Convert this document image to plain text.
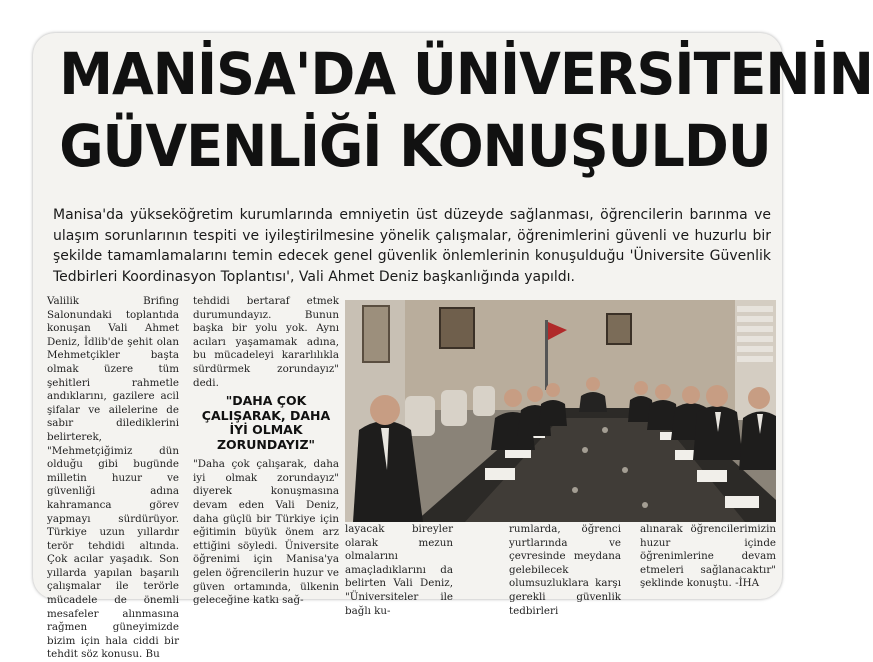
MANİSA'DA ÜNİVERSİTENİN
GÜVENLİĞİ KONUŞULDU
Manisa'da yükseköğretim kurumlarında emniyetin üst düzeyde sağlanması, öğrencilerin barınma ve ulaşım sorunlarının tespiti ve iyileştirilmesine yönelik çalışmalar, öğrenimlerini güvenli ve huzurlu bir şekilde tamamlamalarını temin edecek genel güvenlik önlemlerinin konuşulduğu 'Üniversite Güvenlik Tedbirleri Koordinasyon Toplantısı', Vali Ahmet Deniz başkanlığında yapıldı.
Valilik Brifing Salonundaki toplantıda konuşan Vali Ahmet Deniz, İdlib'de şehit olan Mehmetçikler başta olmak üzere tüm şehitleri rahmetle andıklarını, gazilere acil şifalar ve ailelerine de sabır dilediklerini belirterek, "Mehmetçiğimiz dün olduğu gibi bugünde milletin huzur ve güvenliği adına kahramanca görev yapmayı sürdürüyor. Türkiye uzun yıllardır terör tehdidi altında. Çok acılar yaşadık. Son yıllarda yapılan başarılı çalışmalar ile terörle mücadele de önemli mesafeler alınmasına rağmen güneyimizde bizim için hala ciddi bir tehdit söz konusu. Bu
tehdidi bertaraf etmek durumundayız. Bunun başka bir yolu yok. Aynı acıları yaşamamak adına, bu mücadeleyi kararlılıkla sürdürmek zorundayız" dedi.
"DAHA ÇOK
ÇALIŞARAK, DAHA
İYİ OLMAK
ZORUNDAYIZ"
"Daha çok çalışarak, daha iyi olmak zorundayız" diyerek konuşmasına devam eden Vali Deniz, daha güçlü bir Türkiye için eğitimin büyük önem arz ettiğini söyledi. Üniversite öğrenimi için Manisa'ya gelen öğrencilerin huzur ve güven ortamında, ülkenin geleceğine katkı sağ-
layacak bireyler olarak mezun olmalarını amaçladıklarını da belirten Vali Deniz, "Üniversiteler ile bağlı ku-
rumlarda, öğrenci yurtlarında ve çevresinde meydana gelebilecek olumsuzluklara karşı gerekli güvenlik tedbirleri
alınarak öğrencilerimizin huzur içinde öğrenimlerine devam etmeleri sağlanacaktır" şeklinde konuştu. -İHA
